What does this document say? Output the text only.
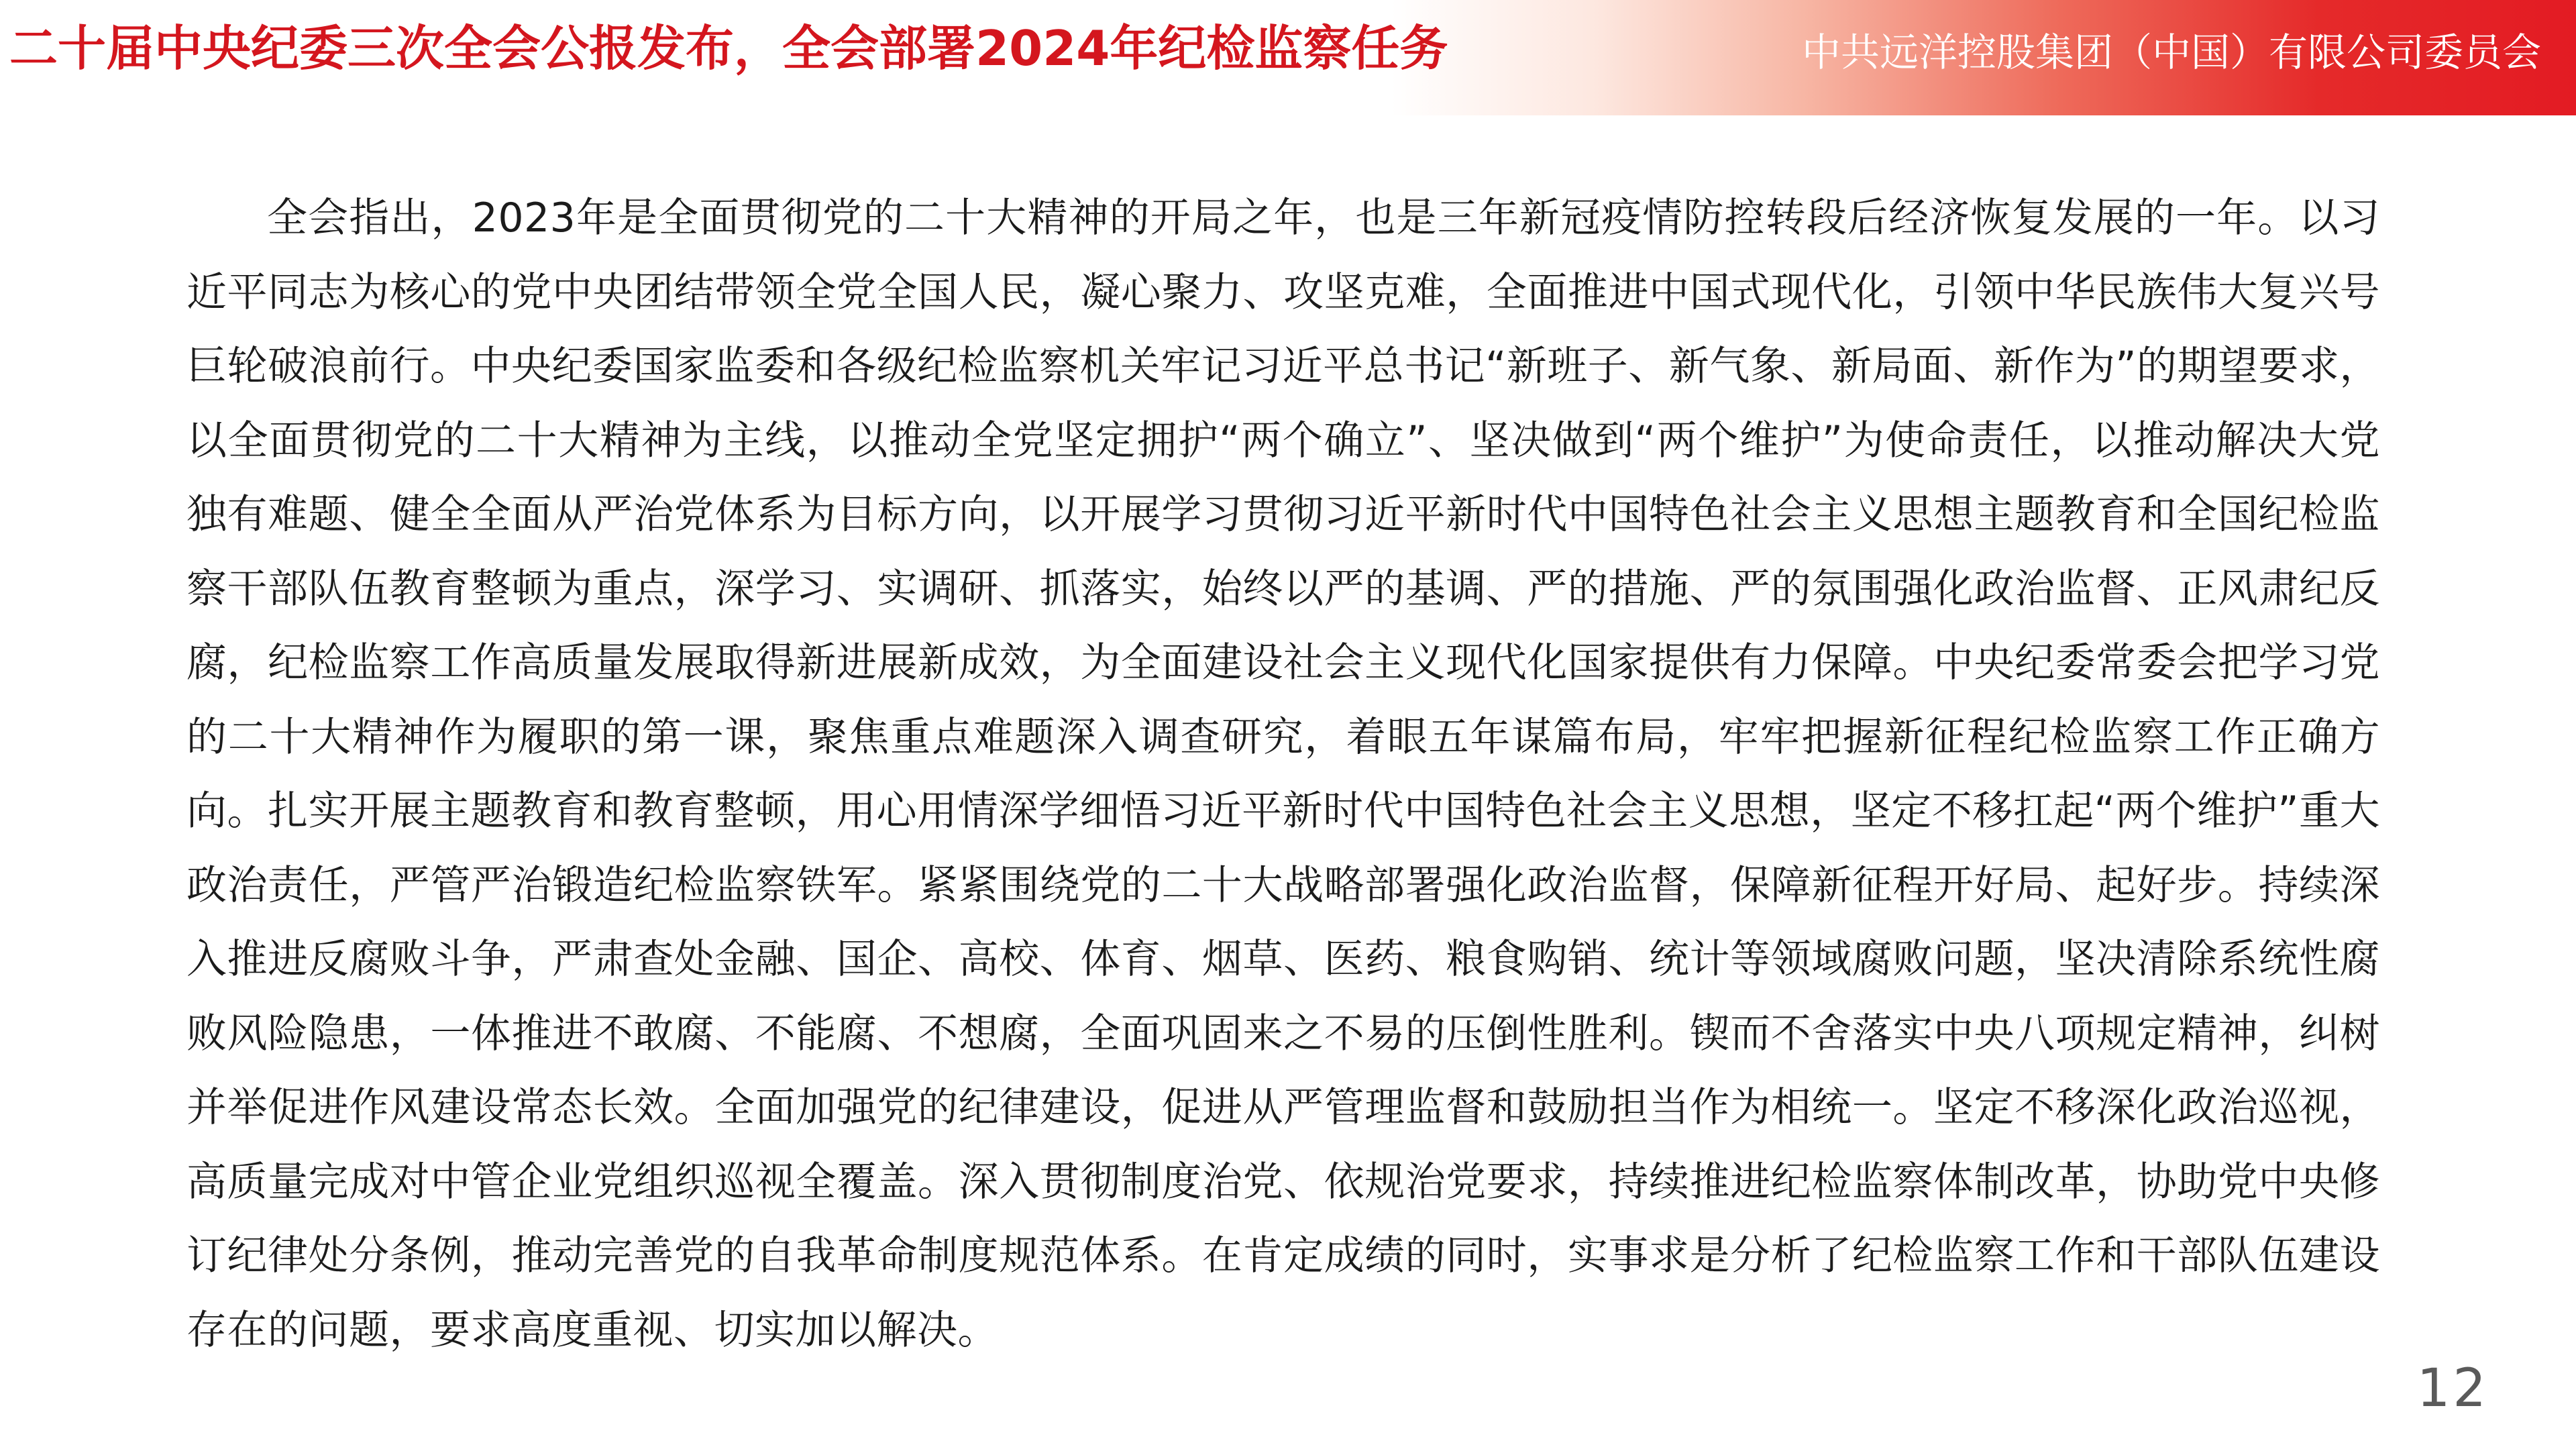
二十届中央纪委三次全会公报发布，全会部署2024年纪检监察任务	中共远洋控股集团（中国）有限公司委员会

全会指出，2023年是全面贯彻党的二十大精神的开局之年，也是三年新冠疫情防控转段后经济恢复发展的一年。以习近平同志为核心的党中央团结带领全党全国人民，凝心聚力、攻坚克难，全面推进中国式现代化，引领中华民族伟大复兴号巨轮破浪前行。中央纪委国家监委和各级纪检监察机关牢记习近平总书记“新班子、新气象、新局面、新作为”的期望要求，以全面贯彻党的二十大精神为主线，以推动全党坚定拥护“两个确立”、坚决做到“两个维护”为使命责任，以推动解决大党独有难题、健全全面从严治党体系为目标方向，以开展学习贯彻习近平新时代中国特色社会主义思想主题教育和全国纪检监察干部队伍教育整顿为重点，深学习、实调研、抓落实，始终以严的基调、严的措施、严的氛围强化政治监督、正风肃纪反腐，纪检监察工作高质量发展取得新进展新成效，为全面建设社会主义现代化国家提供有力保障。中央纪委常委会把学习党的二十大精神作为履职的第一课，聚焦重点难题深入调查研究，着眼五年谋篇布局，牢牢把握新征程纪检监察工作正确方向。扎实开展主题教育和教育整顿，用心用情深学细悟习近平新时代中国特色社会主义思想，坚定不移扛起“两个维护”重大政治责任，严管严治锻造纪检监察铁军。紧紧围绕党的二十大战略部署强化政治监督，保障新征程开好局、起好步。持续深入推进反腐败斗争，严肃查处金融、国企、高校、体育、烟草、医药、粮食购销、统计等领域腐败问题，坚决清除系统性腐败风险隐患，一体推进不敢腐、不能腐、不想腐，全面巩固来之不易的压倒性胜利。锲而不舍落实中央八项规定精神，纠树并举促进作风建设常态长效。全面加强党的纪律建设，促进从严管理监督和鼓励担当作为相统一。坚定不移深化政治巡视，高质量完成对中管企业党组织巡视全覆盖。深入贯彻制度治党、依规治党要求，持续推进纪检监察体制改革，协助党中央修订纪律处分条例，推动完善党的自我革命制度规范体系。在肯定成绩的同时，实事求是分析了纪检监察工作和干部队伍建设存在的问题，要求高度重视、切实加以解决。

12
